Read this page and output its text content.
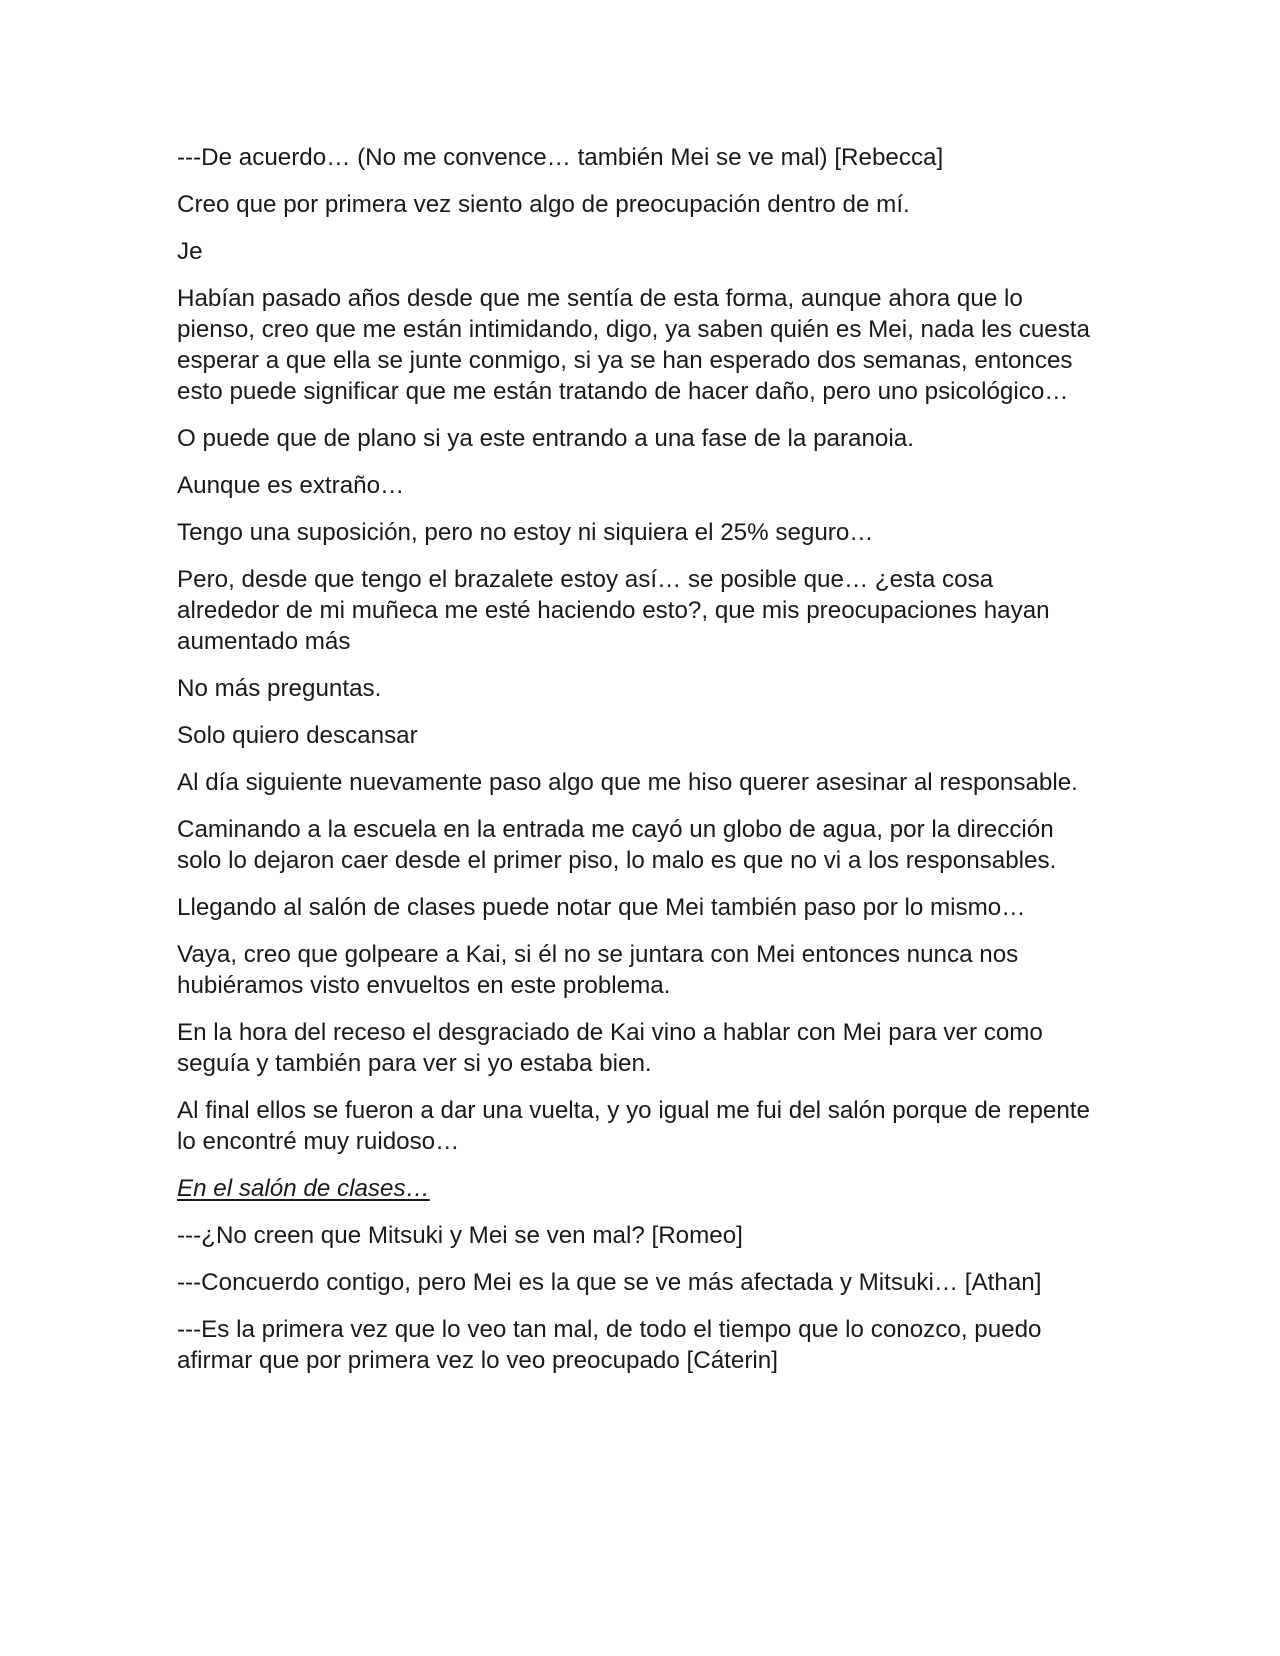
---De acuerdo… (No me convence… también Mei se ve mal) [Rebecca]

Creo que por primera vez siento algo de preocupación dentro de mí.

Je

Habían pasado años desde que me sentía de esta forma, aunque ahora que lo pienso, creo que me están intimidando, digo, ya saben quién es Mei, nada les cuesta esperar a que ella se junte conmigo, si ya se han esperado dos semanas, entonces esto puede significar que me están tratando de hacer daño, pero uno psicológico…

O puede que de plano si ya este entrando a una fase de la paranoia.

Aunque es extraño…

Tengo una suposición, pero no estoy ni siquiera el 25% seguro…

Pero, desde que tengo el brazalete estoy así… se posible que… ¿esta cosa alrededor de mi muñeca me esté haciendo esto?, que mis preocupaciones hayan aumentado más

No más preguntas.

Solo quiero descansar

Al día siguiente nuevamente paso algo que me hiso querer asesinar al responsable.

Caminando a la escuela en la entrada me cayó un globo de agua, por la dirección solo lo dejaron caer desde el primer piso, lo malo es que no vi a los responsables.

Llegando al salón de clases puede notar que Mei también paso por lo mismo…

Vaya, creo que golpeare a Kai, si él no se juntara con Mei entonces nunca nos hubiéramos visto envueltos en este problema.

En la hora del receso el desgraciado de Kai vino a hablar con Mei para ver como seguía y también para ver si yo estaba bien.

Al final ellos se fueron a dar una vuelta, y yo igual me fui del salón porque de repente lo encontré muy ruidoso…

En el salón de clases…

---¿No creen que Mitsuki y Mei se ven mal? [Romeo]

---Concuerdo contigo, pero Mei es la que se ve más afectada y Mitsuki… [Athan]

---Es la primera vez que lo veo tan mal, de todo el tiempo que lo conozco, puedo afirmar que por primera vez lo veo preocupado [Cáterin]
